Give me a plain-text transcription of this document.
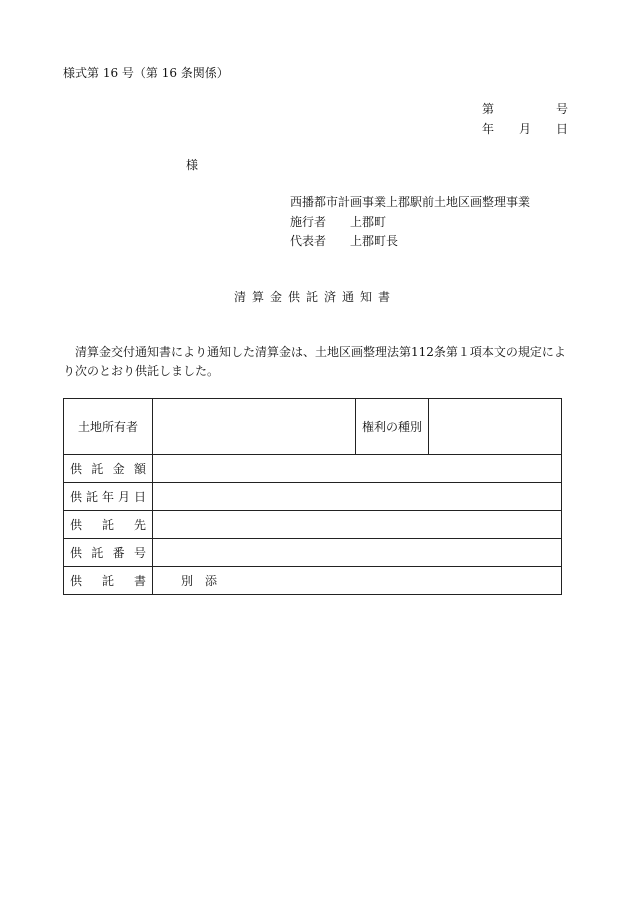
様式第 16 号（第 16 条関係）
第	号
年 月 日
様
西播都市計画事業上郡駅前土地区画整理事業
施行者 上郡町
代表者 上郡町長
清算金供託済通知書
清算金交付通知書により通知した清算金は、土地区画整理法第112条第１項本文の規定により次のとおり供託しました。
土地所有者		権利の種別	

供 託 金 額			

供 託 年 月 日			

供 託 先			

供 託 番 号			

供 託 書	別　添		
